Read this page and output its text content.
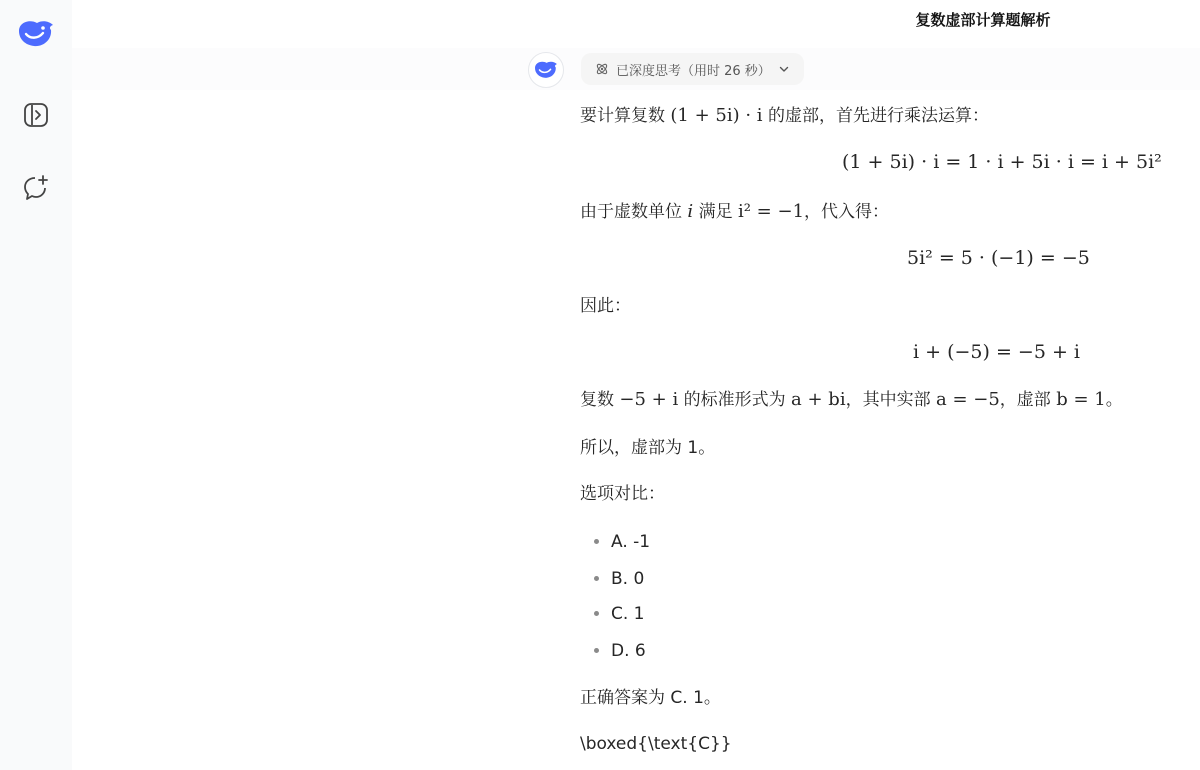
复数虚部计算题解析
已深度思考（用时 26 秒）
要计算复数 (1 + 5i) · i 的虚部，首先进行乘法运算：
(1 + 5i) · i = 1 · i + 5i · i = i + 5i²
由于虚数单位 i 满足 i² = −1，代入得：
5i² = 5 · (−1) = −5
因此：
i + (−5) = −5 + i
复数 −5 + i 的标准形式为 a + bi，其中实部 a = −5，虚部 b = 1。
所以，虚部为 1。
选项对比：
A. -1
B. 0
C. 1
D. 6
正确答案为 C. 1。
\boxed{\text{C}}
